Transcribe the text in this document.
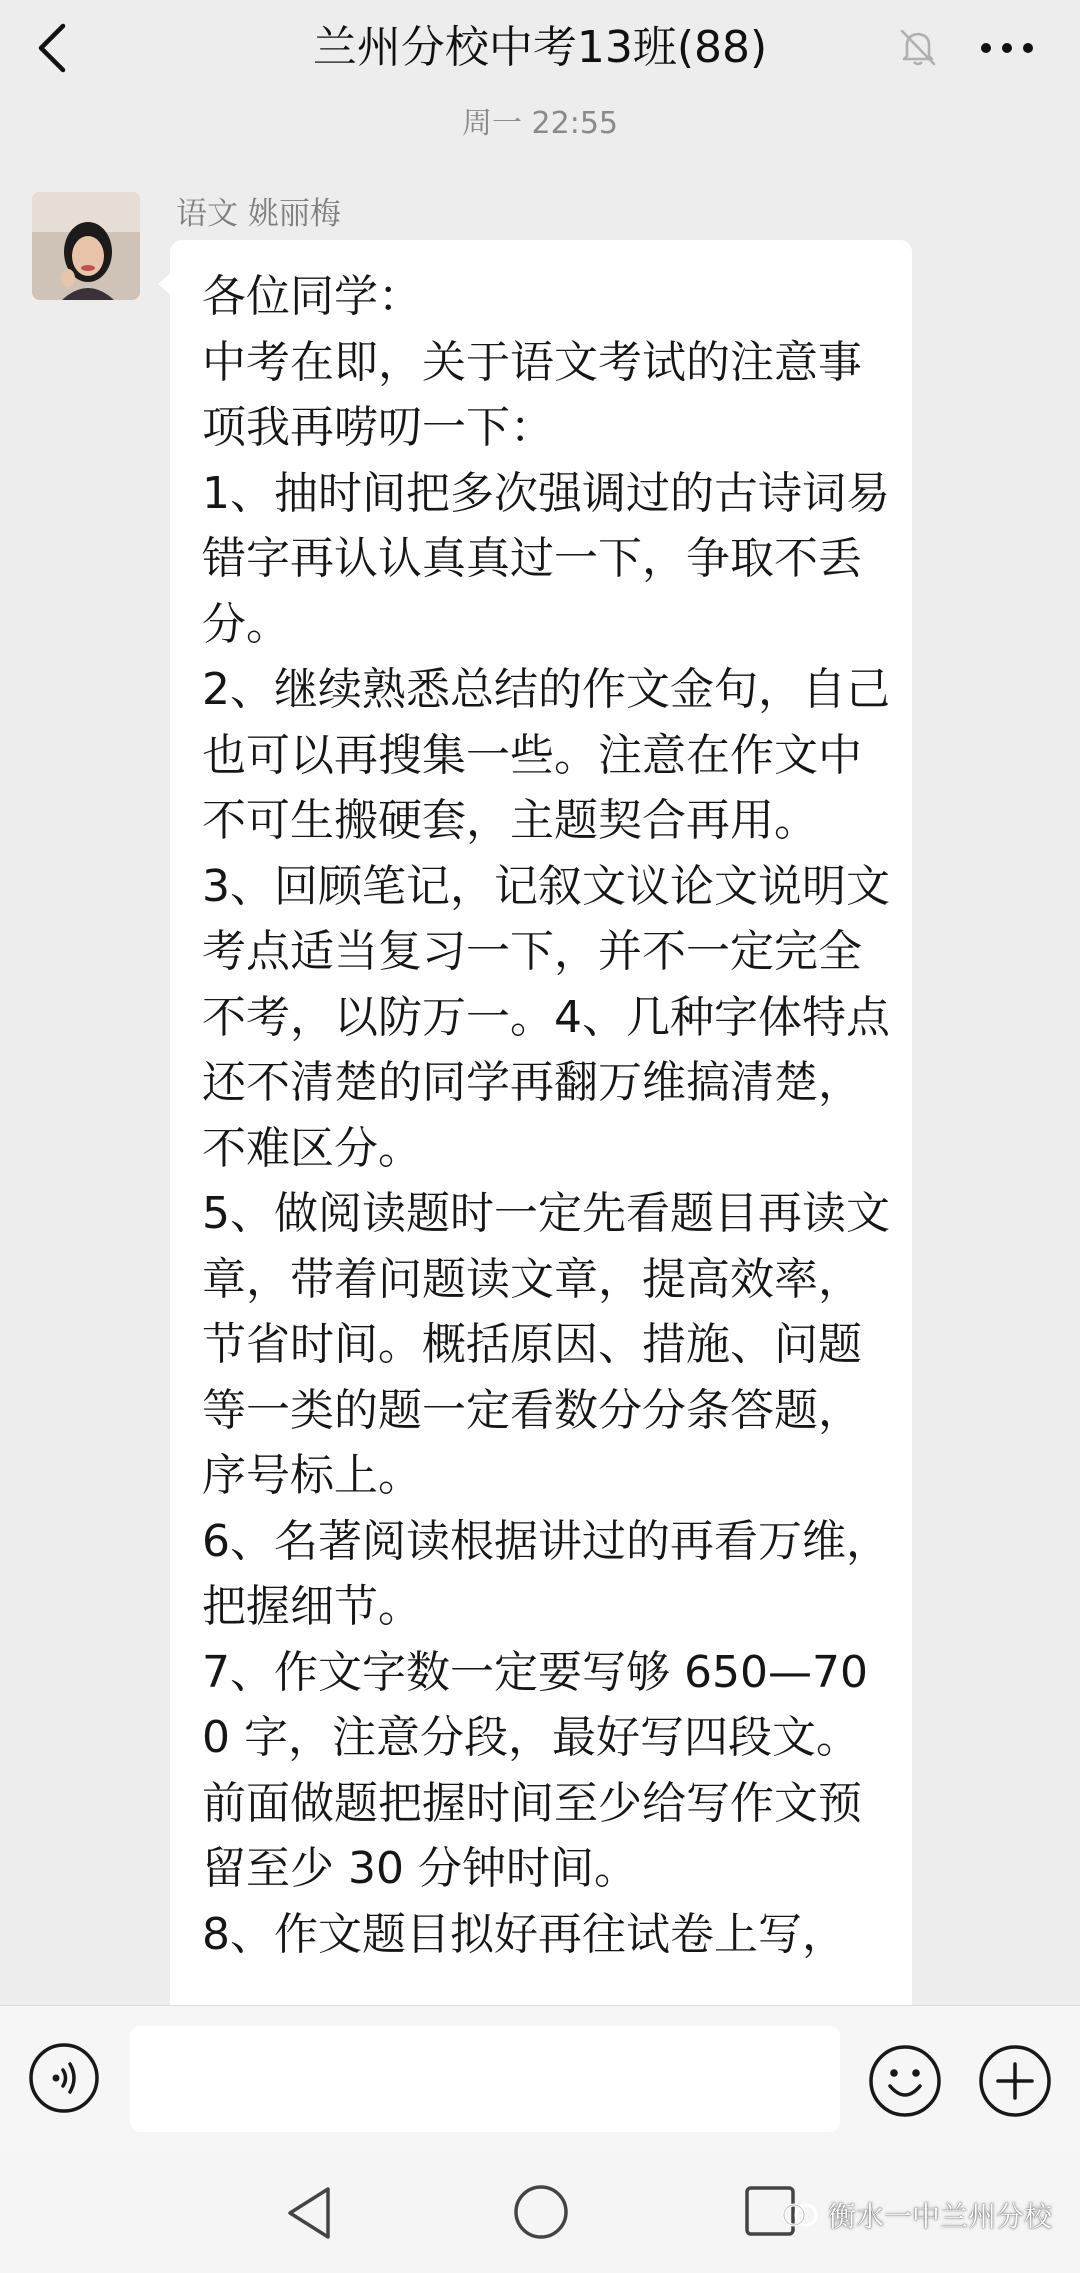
兰州分校中考13班(88)
周一 22:55
语文 姚丽梅
各位同学：
中考在即，关于语文考试的注意事项我再唠叨一下：
1、抽时间把多次强调过的古诗词易错字再认认真真过一下，争取不丢分。
2、继续熟悉总结的作文金句，自己也可以再搜集一些。注意在作文中不可生搬硬套，主题契合再用。
3、回顾笔记，记叙文议论文说明文考点适当复习一下，并不一定完全不考，以防万一。4、几种字体特点还不清楚的同学再翻万维搞清楚，不难区分。
5、做阅读题时一定先看题目再读文章，带着问题读文章，提高效率，节省时间。概括原因、措施、问题等一类的题一定看数分分条答题，序号标上。
6、名著阅读根据讲过的再看万维，把握细节。
7、作文字数一定要写够 650—700 字，注意分段，最好写四段文。前面做题把握时间至少给写作文预留至少 30 分钟时间。
8、作文题目拟好再往试卷上写，
衡水一中兰州分校
